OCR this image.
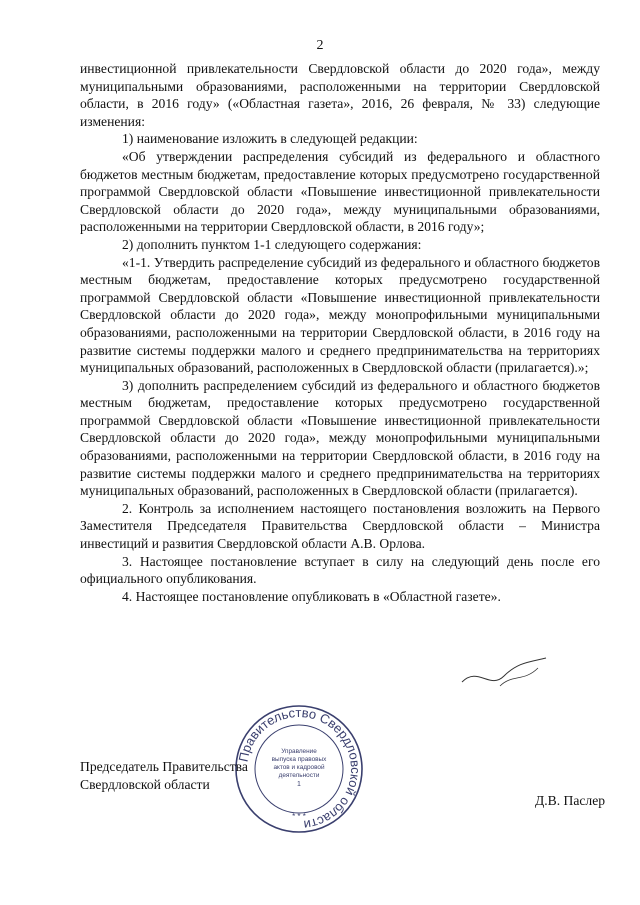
2

инвестиционной привлекательности Свердловской области до 2020 года», между муниципальными образованиями, расположенными на территории Свердловской области, в 2016 году» («Областная газета», 2016, 26 февраля, № 33) следующие изменения:

1) наименование изложить в следующей редакции:

«Об утверждении распределения субсидий из федерального и областного бюджетов местным бюджетам, предоставление которых предусмотрено государственной программой Свердловской области «Повышение инвестиционной привлекательности Свердловской области до 2020 года», между муниципальными образованиями, расположенными на территории Свердловской области, в 2016 году»;

2) дополнить пунктом 1-1 следующего содержания:

«1-1. Утвердить распределение субсидий из федерального и областного бюджетов местным бюджетам, предоставление которых предусмотрено государственной программой Свердловской области «Повышение инвестиционной привлекательности Свердловской области до 2020 года», между монопрофильными муниципальными образованиями, расположенными на территории Свердловской области, в 2016 году на развитие системы поддержки малого и среднего предпринимательства на территориях муниципальных образований, расположенных в Свердловской области (прилагается).»;

3) дополнить распределением субсидий из федерального и областного бюджетов местным бюджетам, предоставление которых предусмотрено государственной программой Свердловской области «Повышение инвестиционной привлекательности Свердловской области до 2020 года», между монопрофильными муниципальными образованиями, расположенными на территории Свердловской области, в 2016 году на развитие системы поддержки малого и среднего предпринимательства на территориях муниципальных образований, расположенных в Свердловской области (прилагается).

2. Контроль за исполнением настоящего постановления возложить на Первого Заместителя Председателя Правительства Свердловской области – Министра инвестиций и развития Свердловской области А.В. Орлова.

3. Настоящее постановление вступает в силу на следующий день после его официального опубликования.

4. Настоящее постановление опубликовать в «Областной газете».

Правительство Свердловской области
Управление
выпуска правовых
актов и кадровой
деятельности
1
* * *
Председатель Правительства
Свердловской области
Д.В. Паслер
